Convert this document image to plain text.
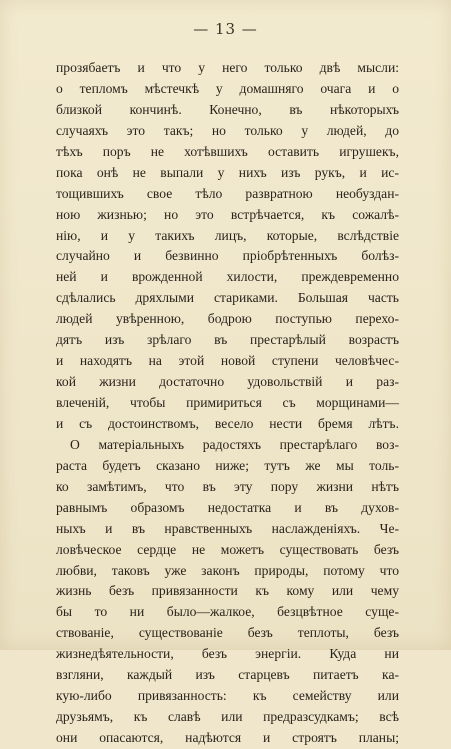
— 13 —
прозябаетъ и что у него только двѣ мысли:
о тепломъ мѣстечкѣ у домашняго очага и о
близкой кончинѣ. Конечно, въ нѣкоторыхъ
случаяхъ это такъ; но только у людей, до
тѣхъ поръ не хотѣвшихъ оставить игрушекъ,
пока онѣ не выпали у нихъ изъ рукъ, и ис-
тощившихъ свое тѣло развратною необуздан-
ною жизнью; но это встрѣчается, къ сожалѣ-
нію, и у такихъ лицъ, которые, вслѣдствіе
случайно и безвинно пріобрѣтенныхъ болѣз-
ней и врожденной хилости, преждевременно
сдѣлались дряхлыми стариками. Большая часть
людей увѣренною, бодрою поступью перехо-
дятъ изъ зрѣлаго въ престарѣлый возрастъ
и находятъ на этой новой ступени человѣчес-
кой жизни достаточно удовольствій и раз-
влеченій, чтобы примириться съ морщинами—
и съ достоинствомъ, весело нести бремя лѣтъ.
О матеріальныхъ радостяхъ престарѣлаго воз-
раста будетъ сказано ниже; тутъ же мы толь-
ко замѣтимъ, что въ эту пору жизни нѣтъ
равнымъ образомъ недостатка и въ духов-
ныхъ и въ нравственныхъ наслажденіяхъ. Че-
ловѣческое сердце не можетъ существовать безъ
любви, таковъ уже законъ природы, потому что
жизнь безъ привязанности къ кому или чему
бы то ни было—жалкое, безцвѣтное суще-
ствованіе, существованіе безъ теплоты, безъ
жизнедѣятельности, безъ энергіи. Куда ни
взгляни, каждый изъ старцевъ питаетъ ка-
кую-либо привязанность: къ семейству или
друзьямъ, къ славѣ или предразсудкамъ; всѣ
они опасаются, надѣются и строятъ планы;
